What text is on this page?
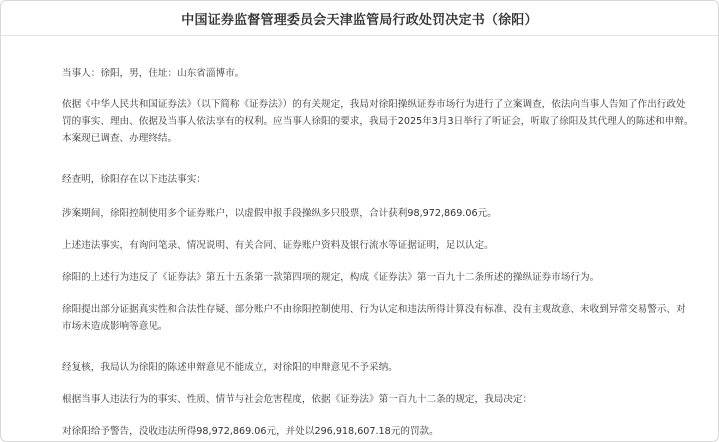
中国证券监督管理委员会天津监管局行政处罚决定书（徐阳）

当事人：徐阳，男，住址：山东省淄博市。

依据《中华人民共和国证券法》（以下简称《证券法》）的有关规定，我局对徐阳操纵证券市场行为进行了立案调查，依法向当事人告知了作出行政处罚的事实、理由、依据及当事人依法享有的权利。应当事人徐阳的要求，我局于2025年3月3日举行了听证会，听取了徐阳及其代理人的陈述和申辩。本案现已调查、办理终结。

经查明，徐阳存在以下违法事实：

涉案期间，徐阳控制使用多个证券账户，以虚假申报手段操纵多只股票，合计获利98,972,869.06元。

上述违法事实，有询问笔录、情况说明、有关合同、证券账户资料及银行流水等证据证明，足以认定。

徐阳的上述行为违反了《证券法》第五十五条第一款第四项的规定，构成《证券法》第一百九十二条所述的操纵证券市场行为。

徐阳提出部分证据真实性和合法性存疑、部分账户不由徐阳控制使用、行为认定和违法所得计算没有标准、没有主观故意、未收到异常交易警示、对市场未造成影响等意见。

经复核，我局认为徐阳的陈述申辩意见不能成立，对徐阳的申辩意见不予采纳。

根据当事人违法行为的事实、性质、情节与社会危害程度，依据《证券法》第一百九十二条的规定，我局决定：

对徐阳给予警告，没收违法所得98,972,869.06元，并处以296,918,607.18元的罚款。
